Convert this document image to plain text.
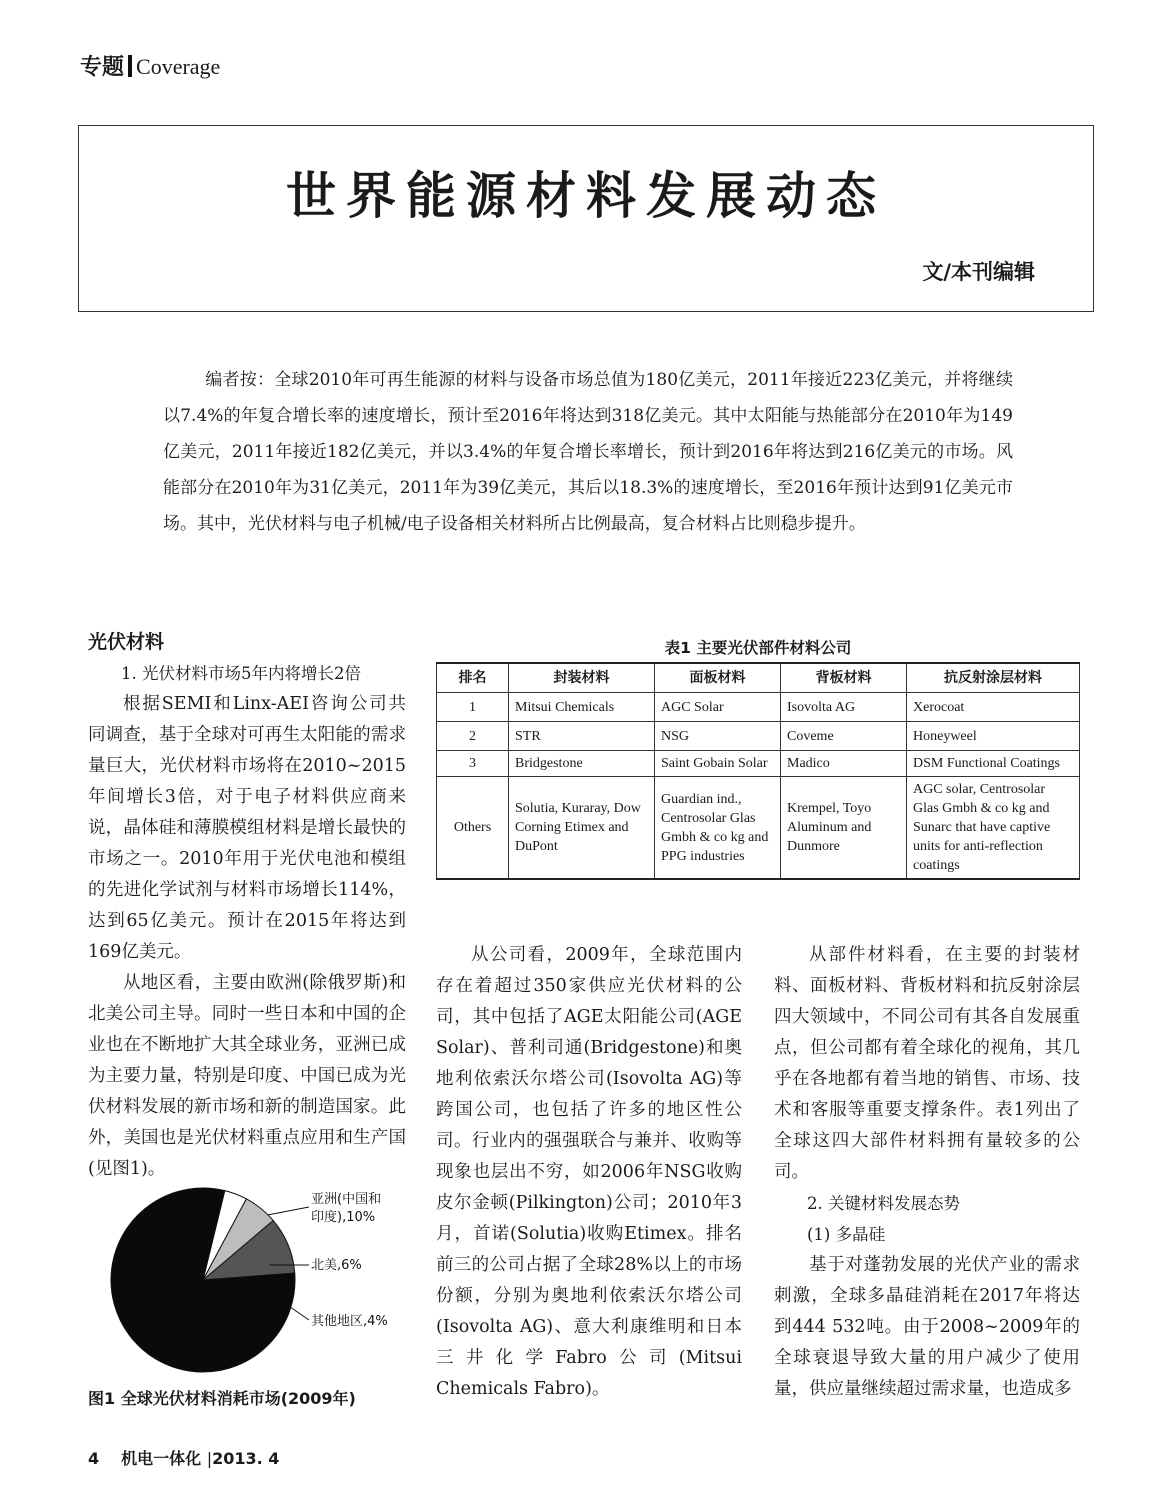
专题 Coverage
世界能源材料发展动态
文/本刊编辑

编者按：全球2010年可再生能源的材料与设备市场总值为180亿美元，2011年接近223亿美元，并将继续以7.4%的年复合增长率的速度增长，预计至2016年将达到318亿美元。其中太阳能与热能部分在2010年为149亿美元，2011年接近182亿美元，并以3.4%的年复合增长率增长，预计到2016年将达到216亿美元的市场。风能部分在2010年为31亿美元，2011年为39亿美元，其后以18.3%的速度增长，至2016年预计达到91亿美元市场。其中，光伏材料与电子机械/电子设备相关材料所占比例最高，复合材料占比则稳步提升。

光伏材料
1. 光伏材料市场5年内将增长2倍

根据SEMI和Linx-AEI咨询公司共同调查，基于全球对可再生太阳能的需求量巨大，光伏材料市场将在2010~2015年间增长3倍，对于电子材料供应商来说，晶体硅和薄膜模组材料是增长最快的市场之一。2010年用于光伏电池和模组的先进化学试剂与材料市场增长114%，达到65亿美元。预计在2015年将达到169亿美元。

从地区看，主要由欧洲(除俄罗斯)和北美公司主导。同时一些日本和中国的企业也在不断地扩大其全球业务，亚洲已成为主要力量，特别是印度、中国已成为光伏材料发展的新市场和新的制造国家。此外，美国也是光伏材料重点应用和生产国(见图1)。

表1 主要光伏部件材料公司
排名	封装材料	面板材料	背板材料	抗反射涂层材料
1	Mitsui Chemicals	AGC Solar	Isovolta AG	Xerocoat
2	STR	NSG	Coveme	Honeyweel
3	Bridgestone	Saint Gobain Solar	Madico	DSM Functional Coatings
Others	Solutia, Kuraray, Dow Corning Etimex and DuPont	Guardian ind., Centrosolar Glas Gmbh & co kg and PPG industries	Krempel, Toyo Aluminum and Dunmore	AGC solar, Centrosolar Glas Gmbh & co kg and Sunarc that have captive units for anti-reflection coatings

从公司看，2009年，全球范围内存在着超过350家供应光伏材料的公司，其中包括了AGE太阳能公司(AGE Solar)、普利司通(Bridgestone)和奥地利依索沃尔塔公司(Isovolta AG)等跨国公司，也包括了许多的地区性公司。行业内的强强联合与兼并、收购等现象也层出不穷，如2006年NSG收购皮尔金顿(Pilkington)公司；2010年3月，首诺(Solutia)收购Etimex。排名前三的公司占据了全球28%以上的市场份额，分别为奥地利依索沃尔塔公司(Isovolta AG)、意大利康维明和日本三井化学Fabro公司(Mitsui Chemicals Fabro)。

从部件材料看，在主要的封装材料、面板材料、背板材料和抗反射涂层四大领域中，不同公司有其各自发展重点，但公司都有着全球化的视角，其几乎在各地都有着当地的销售、市场、技术和客服等重要支撑条件。表1列出了全球这四大部件材料拥有量较多的公司。

2. 关键材料发展态势
(1) 多晶硅

基于对蓬勃发展的光伏产业的需求刺激，全球多晶硅消耗在2017年将达到444 532吨。由于2008~2009年的全球衰退导致大量的用户减少了使用量，供应量继续超过需求量，也造成多

亚洲(中国和
印度),10%
北美,6%
其他地区,4%
图1 全球光伏材料消耗市场(2009年)
4 机电一体化 |2013. 4
